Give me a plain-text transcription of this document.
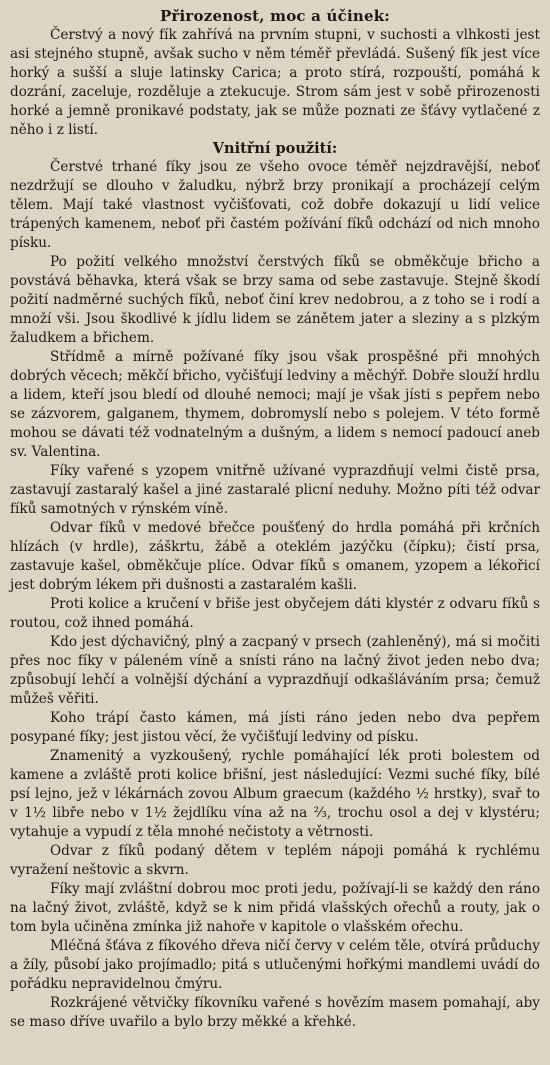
Přirozenost, moc a účinek:

Čerstvý a nový fík zahřívá na prvním stupni, v suchosti a vlhkosti jest asi stejného stupně, avšak sucho v něm téměř převládá. Sušený fík jest více horký a sušší a sluje latinsky Carica; a proto stírá, rozpouští, pomáhá k dozrání, zaceluje, rozděluje a ztekucuje. Strom sám jest v sobě přirozenosti horké a jemně pronikavé podstaty, jak se může poznati ze šťávy vytlačené z něho i z listí.

Vnitřní použití:

Čerstvé trhané fíky jsou ze všeho ovoce téměř nejzdravější, neboť nezdržují se dlouho v žaludku, nýbrž brzy pronikají a procházejí celým tělem. Mají také vlastnost vyčišťovati, což dobře dokazují u lidí velice trápených kamenem, neboť při častém požívání fíků odchází od nich mnoho písku.

Po požití velkého množství čerstvých fíků se obměkčuje břicho a povstává běhavka, která však se brzy sama od sebe zastavuje. Stejně škodí požití nadměrné suchých fíků, neboť činí krev nedobrou, a z toho se i rodí a množí vši. Jsou škodlivé k jídlu lidem se zánětem jater a sleziny a s plzkým žaludkem a břichem.

Střídmě a mírně požívané fíky jsou však prospěšné při mnohých dobrých věcech; měkčí břicho, vyčišťují ledviny a měchýř. Dobře slouží hrdlu a lidem, kteří jsou bledí od dlouhé nemoci; mají je však jísti s pepřem nebo se zázvorem, galganem, thymem, dobromyslí nebo s polejem. V této formě mohou se dávati též vodnatelným a dušným, a lidem s nemocí padoucí aneb sv. Valentina.

Fíky vařené s yzopem vnitřně užívané vyprazdňují velmi čistě prsa, zastavují zastaralý kašel a jiné zastaralé plicní neduhy. Možno píti též odvar fíků samotných v rýnském víně.

Odvar fíků v medové břečce poušťený do hrdla pomáhá při krčních hlízách (v hrdle), záškrtu, žábě a oteklém jazýčku (čípku); čistí prsa, zastavuje kašel, obměkčuje plíce. Odvar fíků s omanem, yzopem a lékořicí jest dobrým lékem při dušnosti a zastaralém kašli.

Proti kolice a kručení v břiše jest obyčejem dáti klystér z odvaru fíků s routou, což ihned pomáhá.

Kdo jest dýchavičný, plný a zacpaný v prsech (zahleněný), má si močiti přes noc fíky v páleném víně a snísti ráno na lačný život jeden nebo dva; způsobují lehčí a volnější dýchání a vyprazdňují odkašláváním prsa; čemuž můžeš věřiti.

Koho trápí často kámen, má jísti ráno jeden nebo dva pepřem posypané fíky; jest jistou věcí, že vyčišťují ledviny od písku.

Znamenitý a vyzkoušený, rychle pomáhající lék proti bolestem od kamene a zvláště proti kolice břišní, jest následující: Vezmi suché fíky, bílé psí lejno, jež v lékárnách zovou Album graecum (každého ½ hrstky), svař to v 1½ libře nebo v 1½ žejdlíku vína až na ⅔, trochu osol a dej v klystéru; vytahuje a vypudí z těla mnohé nečistoty a větrnosti.

Odvar z fíků podaný dětem v teplém nápoji pomáhá k rychlému vyražení neštovic a skvrn.

Fíky mají zvláštní dobrou moc proti jedu, požívají-li se každý den ráno na lačný život, zvláště, když se k nim přidá vlašských ořechů a routy, jak o tom byla učiněna zmínka již nahoře v kapitole o vlašském ořechu.

Mléčná šťáva z fíkového dřeva ničí červy v celém těle, otvírá průduchy a žíly, působí jako projímadlo; pitá s utlučenými hořkými mandlemi uvádí do pořádku nepravidelnou čmýru.

Rozkrájené větvičky fíkovníku vařené s hovězím masem pomahají, aby se maso dříve uvařilo a bylo brzy měkké a křehké.
